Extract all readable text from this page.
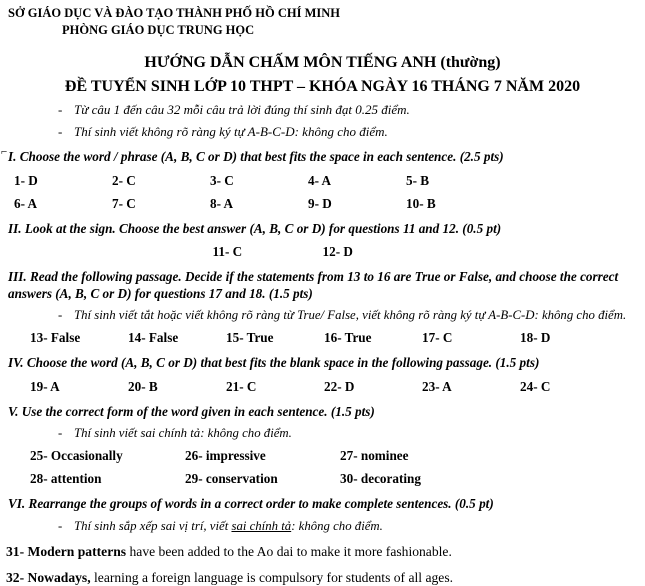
SỞ GIÁO DỤC VÀ ĐÀO TẠO THÀNH PHỐ HỒ CHÍ MINH
PHÒNG GIÁO DỤC TRUNG HỌC
HƯỚNG DẪN CHẤM MÔN TIẾNG ANH (thường)
ĐỀ TUYỂN SINH LỚP 10 THPT – KHÓA NGÀY 16 THÁNG 7 NĂM 2020
- Từ câu 1 đến câu 32 mỗi câu trả lời đúng thí sinh đạt 0.25 điểm.
- Thí sinh viết không rõ ràng ký tự A-B-C-D: không cho điểm.
⌐ I. Choose the word / phrase (A, B, C or D) that best fits the space in each sentence. (2.5 pts)
1- D	2- C	3- C	4- A	5- B
6- A	7- C	8- A	9- D	10- B
II. Look at the sign. Choose the best answer (A, B, C or D) for questions 11 and 12. (0.5 pt)
11- C	12- D
III. Read the following passage. Decide if the statements from 13 to 16 are True or False, and choose the correct answers (A, B, C or D) for questions 17 and 18. (1.5 pts)
- Thí sinh viết tắt hoặc viết không rõ ràng từ True/ False, viết không rõ ràng ký tự A-B-C-D: không cho điểm.
13- False	14- False	15- True	16- True	17- C	18- D
IV. Choose the word (A, B, C or D) that best fits the blank space in the following passage. (1.5 pts)
19- A	20- B	21- C	22- D	23- A	24- C
V. Use the correct form of the word given in each sentence. (1.5 pts)
- Thí sinh viết sai chính tả: không cho điểm.
25- Occasionally	26- impressive	27- nominee
28- attention	29- conservation	30- decorating
VI. Rearrange the groups of words in a correct order to make complete sentences. (0.5 pt)
- Thí sinh sắp xếp sai vị trí, viết sai chính tả: không cho điểm.
31- Modern patterns have been added to the Ao dai to make it more fashionable.
32- Nowadays, learning a foreign language is compulsory for students of all ages.
